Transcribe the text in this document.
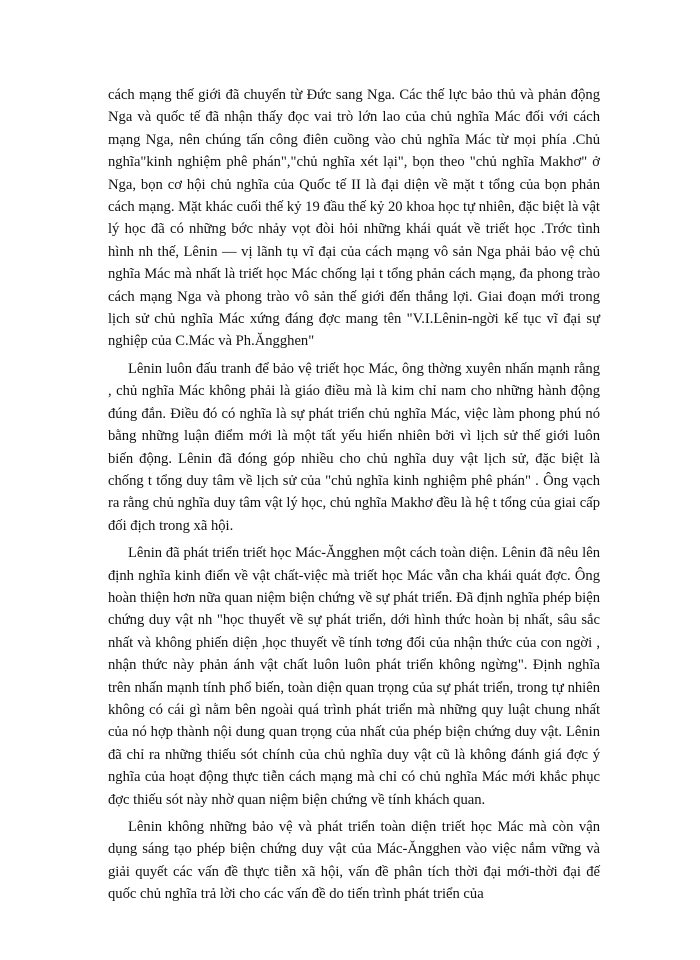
cách mạng thế giới đã chuyển từ Đức sang Nga. Các thế lực bảo thủ và phản động Nga và quốc tế đã nhận thấy đọc vai trò lớn lao của chủ nghĩa Mác đối với cách mạng Nga, nên chúng tấn công điên cuồng vào chủ nghĩa Mác từ mọi phía .Chủ nghĩa"kinh nghiệm phê phán","chủ nghĩa xét lại", bọn theo "chủ nghĩa Makhơ" ở Nga, bọn cơ hội chủ nghĩa của Quốc tế II là đại diện về mặt t tổng của bọn phản cách mạng. Mặt khác cuối thế kỷ 19 đầu thế kỷ 20 khoa học tự nhiên, đặc biệt là vật lý học đã có những bớc nhảy vọt đòi hỏi những khái quát về triết học .Trớc tình hình nh thế, Lênin — vị lãnh tụ vĩ đại của cách mạng vô sản Nga phải bảo vệ chủ nghĩa Mác mà nhất là triết học Mác chống lại t tổng phản cách mạng, đa phong trào cách mạng Nga và phong trào vô sản thế giới đến thắng lợi. Giai đoạn mới trong lịch sử chủ nghĩa Mác xứng đáng đợc mang tên "V.I.Lênin-ngời kế tục vĩ đại sự nghiệp của C.Mác và Ph.Ăngghen"

Lênin luôn đấu tranh để bảo vệ triết học Mác, ông thờng xuyên nhấn mạnh rằng , chủ nghĩa Mác không phải là giáo điều mà là kim chỉ nam cho những hành động đúng đắn. Điều đó có nghĩa là sự phát triển chủ nghĩa Mác, việc làm phong phú nó bằng những luận điểm mới là một tất yếu hiển nhiên bởi vì lịch sử thế giới luôn biến động. Lênin đã đóng góp nhiều cho chủ nghĩa duy vật lịch sử, đặc biệt là chống t tổng duy tâm về lịch sử của "chủ nghĩa kinh nghiệm phê phán" . Ông vạch ra rằng chủ nghĩa duy tâm vật lý học, chủ nghĩa Makhơ đều là hệ t tổng của giai cấp đối địch trong xã hội.

Lênin đã phát triển triết học Mác-Ăngghen một cách toàn diện. Lênin đã nêu lên định nghĩa kinh điển về vật chất-việc mà triết học Mác vẫn cha khái quát đợc. Ông hoàn thiện hơn nữa quan niệm biện chứng về sự phát triển. Đã định nghĩa phép biện chứng duy vật nh "học thuyết về sự phát triển, dới hình thức hoàn bị nhất, sâu sắc nhất và không phiến diện ,học thuyết về tính tơng đối của nhận thức của con ngời , nhận thức này phản ánh vật chất luôn luôn phát triển không ngừng". Định nghĩa trên nhấn mạnh tính phổ biến, toàn diện quan trọng của sự phát triển, trong tự nhiên không có cái gì nằm bên ngoài quá trình phát triển mà những quy luật chung nhất của nó hợp thành nội dung quan trọng của nhất của phép biện chứng duy vật. Lênin đã chỉ ra những thiếu sót chính của chủ nghĩa duy vật cũ là không đánh giá đợc ý nghĩa của hoạt động thực tiễn cách mạng mà chỉ có chủ nghĩa Mác mới khắc phục đợc thiếu sót này nhờ quan niệm biện chứng về tính khách quan.

Lênin không những bảo vệ và phát triển toàn diện triết học Mác mà còn vận dụng sáng tạo phép biện chứng duy vật của Mác-Ăngghen vào việc nắm vững và giải quyết các vấn đề thực tiễn xã hội, vấn đề phân tích thời đại mới-thời đại đế quốc chủ nghĩa trả lời cho các vấn đề do tiến trình phát triển của
